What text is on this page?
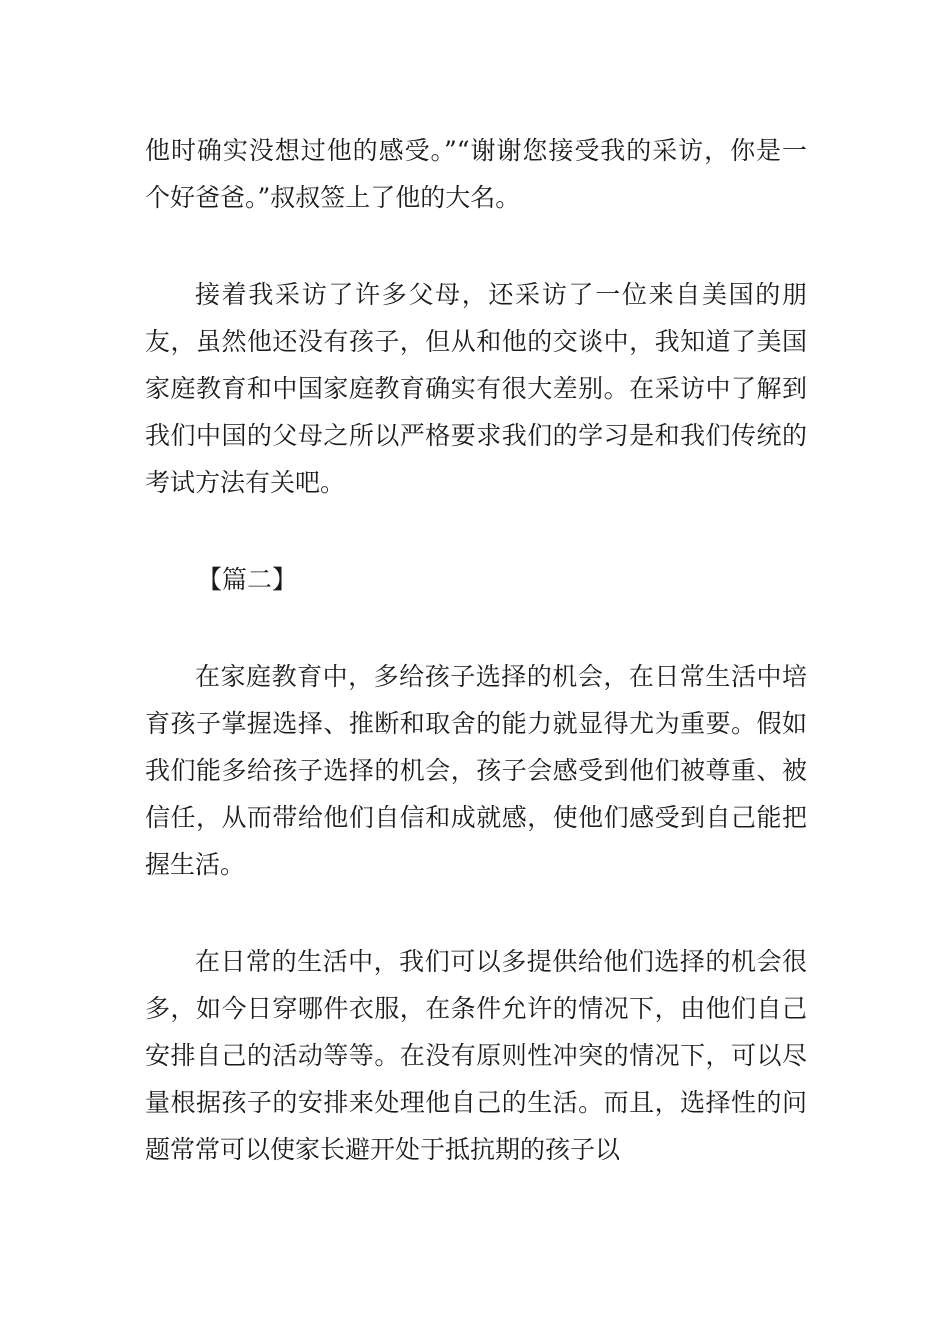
他时确实没想过他的感受。”“谢谢您接受我的采访，你是一个好爸爸。”叔叔签上了他的大名。

接着我采访了许多父母，还采访了一位来自美国的朋友，虽然他还没有孩子，但从和他的交谈中，我知道了美国家庭教育和中国家庭教育确实有很大差别。在采访中了解到我们中国的父母之所以严格要求我们的学习是和我们传统的考试方法有关吧。

【篇二】

在家庭教育中，多给孩子选择的机会，在日常生活中培育孩子掌握选择、推断和取舍的能力就显得尤为重要。假如我们能多给孩子选择的机会，孩子会感受到他们被尊重、被信任，从而带给他们自信和成就感，使他们感受到自己能把握生活。

在日常的生活中，我们可以多提供给他们选择的机会很多，如今日穿哪件衣服，在条件允许的情况下，由他们自己安排自己的活动等等。在没有原则性冲突的情况下，可以尽量根据孩子的安排来处理他自己的生活。而且，选择性的问题常常可以使家长避开处于抵抗期的孩子以
